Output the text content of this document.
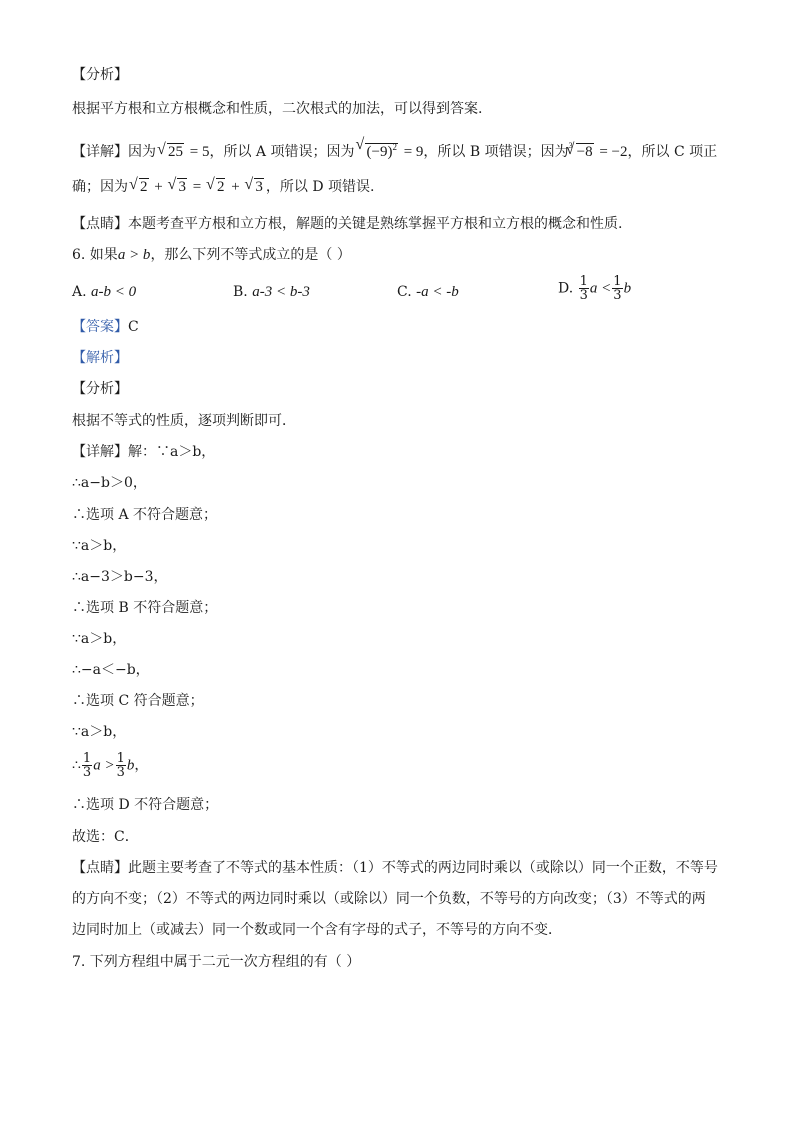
【分析】
根据平方根和立方根概念和性质，二次根式的加法，可以得到答案.
【详解】因为 √ 25 = 5，所以 A 项错误；因为 √ $(-9)^2 = 9$，所以 B 项错误；因为$^3$ √ −8 = −2，所以 C 项正
确；因为 √ 2 + √ 3 = √ 2 + √ 3 ，所以 D 项错误.
【点睛】本题考查平方根和立方根，解题的关键是熟练掌握平方根和立方根的概念和性质.
6. 如果a > b，那么下列不等式成立的是（ ）
A. a-b < 0	B. a-3 < b-3	C. -a < -b	D. $\frac{1}{3}$ $a < \frac{1}{3}$ b
【答案】C
【解析】
【分析】
根据不等式的性质，逐项判断即可．
【详解】解：∵a＞b，
∴a−b＞0，
∴选项 A 不符合题意；
∵a＞b，
∴a−3＞b−3，
∴选项 B 不符合题意；
∵a＞b，
∴−a＜−b，
∴选项 C 符合题意；
∵a＞b，
∴ $\frac{1}{3}$ $a > \frac{1}{3}$ b，
∴选项 D 不符合题意；
故选：C．
【点睛】此题主要考查了不等式的基本性质：（1）不等式的两边同时乘以（或除以）同一个正数，不等号
的方向不变；（2）不等式的两边同时乘以（或除以）同一个负数，不等号的方向改变；（3）不等式的两
边同时加上（或减去）同一个数或同一个含有字母的式子，不等号的方向不变．
7. 下列方程组中属于二元一次方程组的有（ ）
